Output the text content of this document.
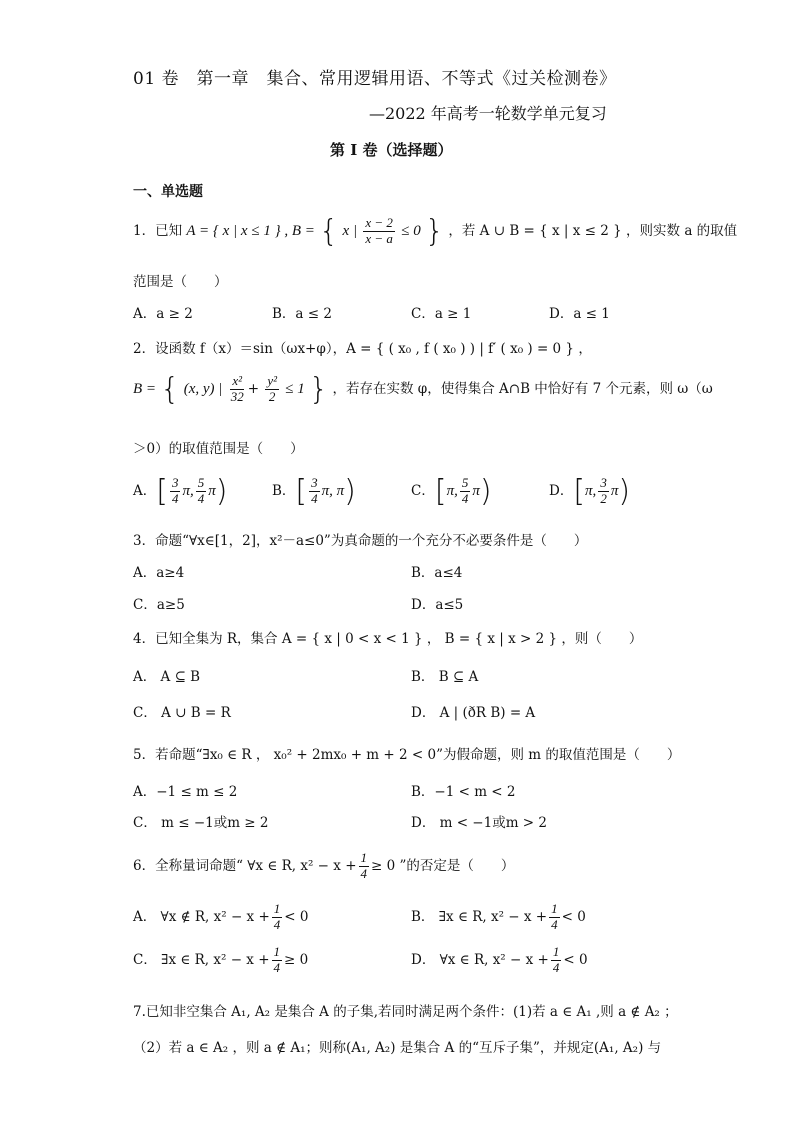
01 卷　第一章　集合、常用逻辑用语、不等式《过关检测卷》
—2022 年高考一轮数学单元复习
第 I 卷（选择题）
一、单选题
1．已知 A = { x | x ≤ 1 } , B = { x | $\frac{x - 2}{x - a} \le 0$ } ，若 A ∪ B = { x | x ≤ 2 } ，则实数 a 的取值
范围是（　　）
A．a ≥ 2	B．a ≤ 2	C．a ≥ 1	D．a ≤ 1
2．设函数 f（x）＝sin（ωx+φ），A = { ( x₀ , f ( x₀ ) ) | f′ ( x₀ ) = 0 } ，
B = { (x, y) | $\frac{\text{x²}}{32} + \frac{\text{y²}}{2} \le 1$ } ，若存在实数 φ，使得集合 A∩B 中恰好有 7 个元素，则 ω（ω
＞0）的取值范围是（　　）
A．[ $\frac{3}{4} \pi$, $\frac{5}{4} \pi$)	B．[ $\frac{3}{4} \pi$, π)	C．[π, $\frac{5}{4} \pi$)	D．[π, $\frac{3}{2} \pi$)
3．命题“∀x∈[1，2]，x²－a≤0”为真命题的一个充分不必要条件是（　　）
A．a≥4	B．a≤4
C．a≥5	D．a≤5
4．已知全集为 R，集合 A = { x | 0 < x < 1 } ， B = { x | x > 2 } ，则（　　）
A． A ⊆ B	B． B ⊆ A
C． A ∪ B = R	D． A | (ðR B) = A
5．若命题“∃x₀ ∈ R ， x₀² + 2mx₀ + m + 2 < 0”为假命题，则 m 的取值范围是（　　）
A．−1 ≤ m ≤ 2	B．−1 < m < 2
C． m ≤ −1或m ≥ 2	D． m < −1或m > 2
6．全称量词命题“ ∀x ∈ R, $x^2 - x + \frac{1}{4} \ge 0$ ”的否定是（　　）
A． ∀x ∉ R, $x^2 - x + \frac{1}{4} < 0$	B． ∃x ∈ R, $x^2 - x + \frac{1}{4} < 0$
C． ∃x ∈ R, $x^2 - x + \frac{1}{4} \ge 0$	D． ∀x ∈ R, $x^2 - x + \frac{1}{4} < 0$
7.已知非空集合 A₁, A₂ 是集合 A 的子集,若同时满足两个条件：(1)若 a ∈ A₁ ,则 a ∉ A₂ ；
（2）若 a ∈ A₂ ，则 a ∉ A₁；则称(A₁, A₂) 是集合 A 的“互斥子集”，并规定(A₁, A₂) 与
